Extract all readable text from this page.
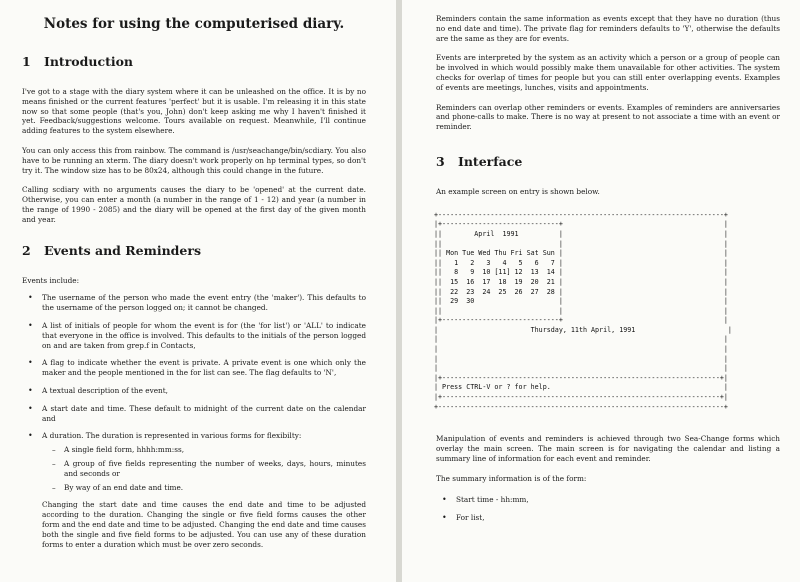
Notes for using the computerised diary.
1 Introduction

I've got to a stage with the diary system where it can be unleashed on the office. It is by no means finished or the current features 'perfect' but it is usable. I'm releasing it in this state now so that some people (that's you, John) don't keep asking me why I haven't finished it yet. Feedback/suggestions welcome. Tours available on request. Meanwhile, I'll continue adding features to the system elsewhere.

You can only access this from rainbow. The command is /usr/seachange/bin/scdiary. You also have to be running an xterm. The diary doesn't work properly on hp terminal types, so don't try it. The window size has to be 80x24, although this could change in the future.

Calling scdiary with no arguments causes the diary to be 'opened' at the current date. Otherwise, you can enter a month (a number in the range of 1 - 12) and year (a number in the range of 1990 - 2085) and the diary will be opened at the first day of the given month and year.

2 Events and Reminders

Events include:

• The username of the person who made the event entry (the 'maker'). This defaults to the username of the person logged on; it cannot be changed.
• A list of initials of people for whom the event is for (the 'for list') or 'ALL' to indicate that everyone in the office is involved. This defaults to the initials of the person logged on and are taken from grep.f in Contacts,
• A flag to indicate whether the event is private. A private event is one which only the maker and the people mentioned in the for list can see. The flag defaults to 'N',
• A textual description of the event,
• A start date and time. These default to midnight of the current date on the calendar and
• A duration. The duration is represented in various forms for flexibilty:
– A single field form, hhhh:mm:ss,
– A group of five fields representing the number of weeks, days, hours, minutes and seconds or
– By way of an end date and time.

Changing the start date and time causes the end date and time to be adjusted according to the duration. Changing the single or five field forms causes the other form and the end date and time to be adjusted. Changing the end date and time causes both the single and five field forms to be adjusted. You can use any of these duration forms to enter a duration which must be over zero seconds.

Reminders contain the same information as events except that they have no duration (thus no end date and time). The private flag for reminders defaults to 'Y', otherwise the defaults are the same as they are for events.

Events are interpreted by the system as an activity which a person or a group of people can be involved in which would possibly make them unavailable for other activities. The system checks for overlap of times for people but you can still enter overlapping events. Examples of events are meetings, lunches, visits and appointments.

Reminders can overlap other reminders or events. Examples of reminders are anniversaries and phone-calls to make. There is no way at present to not associate a time with an event or reminder.

3 Interface

An example screen on entry is shown below.

+-----------------------------------------------------------------------+
|+-----------------------------+                                        |
||        April  1991          |                                        |
||                             |                                        |
|| Mon Tue Wed Thu Fri Sat Sun |                                        |
||   1   2   3   4   5   6   7 |                                        |
||   8   9  10 [11] 12  13  14 |                                        |
||  15  16  17  18  19  20  21 |                                        |
||  22  23  24  25  26  27  28 |                                        |
||  29  30                     |                                        |
||                             |                                        |
|+-----------------------------+                                        |
|                       Thursday, 11th April, 1991                       |
|                                                                       |
|                                                                       |
|                                                                       |
|                                                                       |
|+---------------------------------------------------------------------+|
| Press CTRL-V or ? for help.                                           |
|+---------------------------------------------------------------------+|
+-----------------------------------------------------------------------+

Manipulation of events and reminders is achieved through two Sea-Change forms which overlay the main screen. The main screen is for navigating the calendar and listing a summary line of information for each event and reminder.

The summary information is of the form:

• Start time - hh:mm,
• For list,
